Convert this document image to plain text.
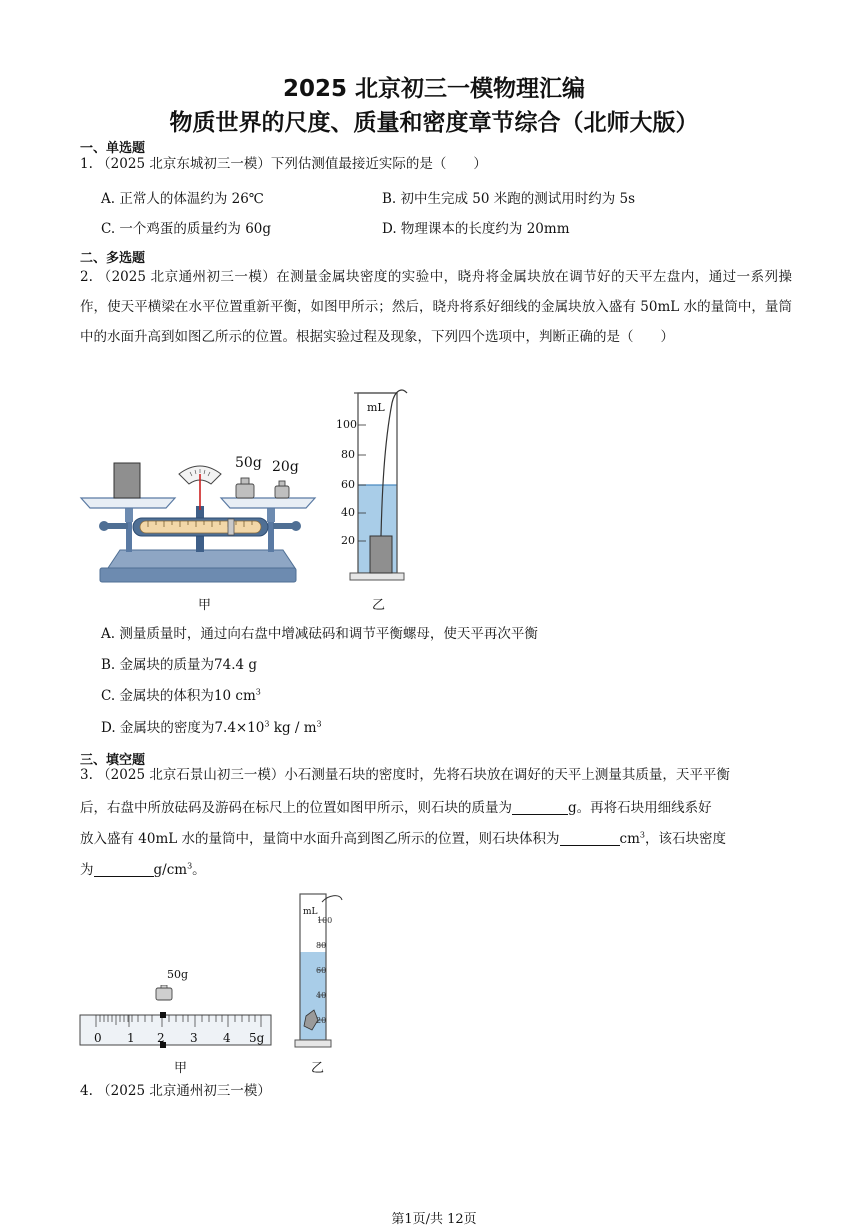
2025 北京初三一模物理汇编
物质世界的尺度、质量和密度章节综合（北师大版）
一、单选题
1. （2025 北京东城初三一模）下列估测值最接近实际的是（　　）
A. 正常人的体温约为 26℃	B. 初中生完成 50 米跑的测试用时约为 5s
C. 一个鸡蛋的质量约为 60g	D. 物理课本的长度约为 20mm
二、多选题
2. （2025 北京通州初三一模）在测量金属块密度的实验中，晓舟将金属块放在调节好的天平左盘内，通过一系列操作，使天平横梁在水平位置重新平衡，如图甲所示；然后，晓舟将系好细线的金属块放入盛有 50mL 水的量筒中，量筒中的水面升高到如图乙所示的位置。根据实验过程及现象，下列四个选项中，判断正确的是（　　）
50g 20g
甲
mL
100
80
60
40
20
乙
A. 测量质量时，通过向右盘中增减砝码和调节平衡螺母，使天平再次平衡
B. 金属块的质量为74.4 g
C. 金属块的体积为10 $cm^3$
D. 金属块的密度为$7.4\times 10^3$ kg / $m^3$
三、填空题
3. （2025 北京石景山初三一模）小石测量石块的密度时，先将石块放在调好的天平上测量其质量，天平平衡
后，右盘中所放砝码及游码在标尺上的位置如图甲所示，则石块的质量为	g。再将石块用细线系好
放入盛有 40mL 水的量筒中，量筒中水面升高到图乙所示的位置，则石块体积为	$cm^3$，该石块密度
为	$g/cm^3$。
50g
0 1 2 3 4 5g
甲
mL
100
80
60
40
20
乙
4. （2025 北京通州初三一模）
第1页/共 12页
